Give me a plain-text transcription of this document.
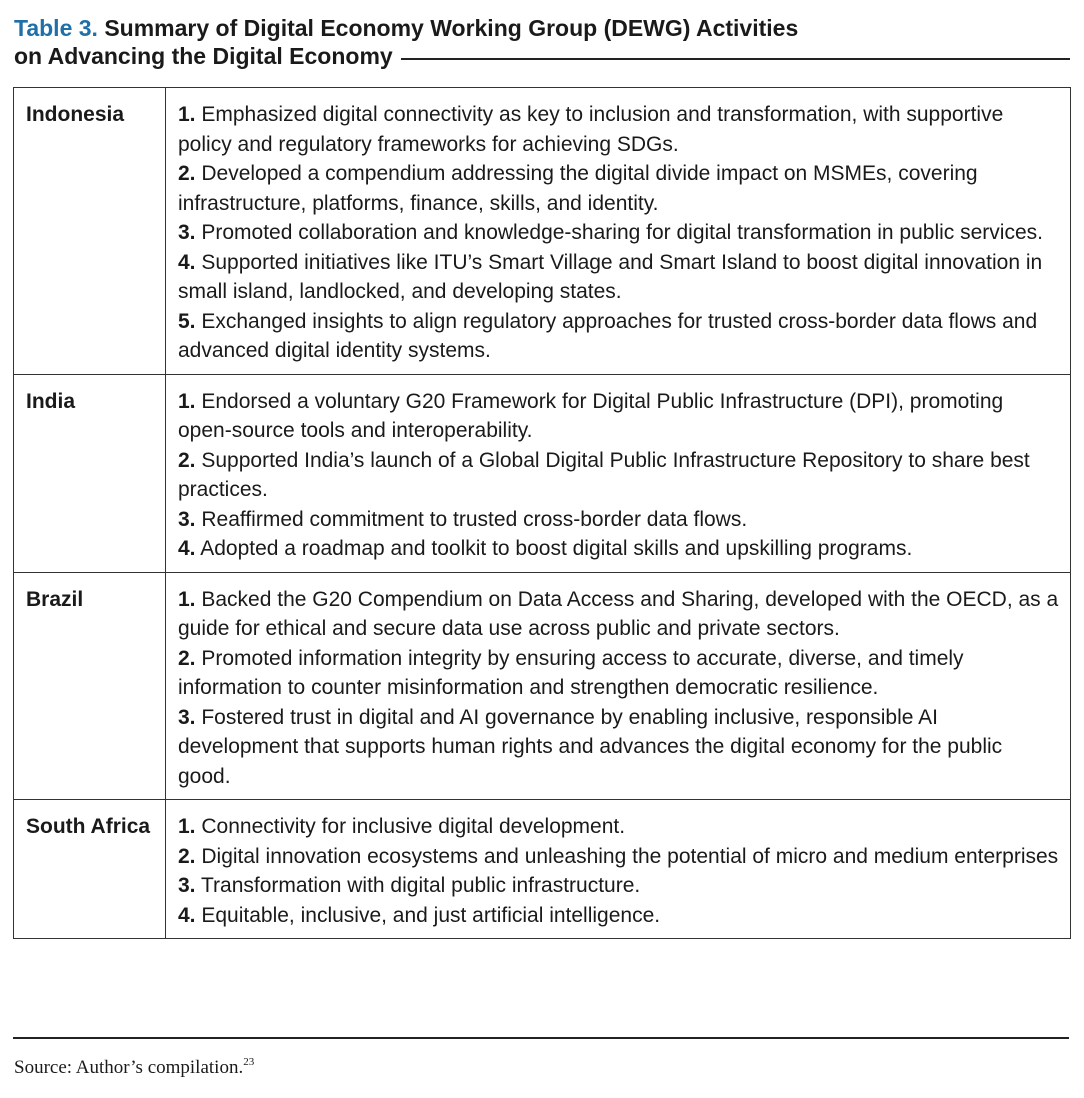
Table 3. Summary of Digital Economy Working Group (DEWG) Activities
on Advancing the Digital Economy
Indonesia	1. Emphasized digital connectivity as key to inclusion and transformation, with supportive policy and regulatory frameworks for achieving SDGs.
2. Developed a compendium addressing the digital divide impact on MSMEs, covering infrastructure, platforms, finance, skills, and identity.
3. Promoted collaboration and knowledge-sharing for digital transformation in public services.
4. Supported initiatives like ITU’s Smart Village and Smart Island to boost digital innovation in small island, landlocked, and developing states.
5. Exchanged insights to align regulatory approaches for trusted cross-border data flows and advanced digital identity systems.

India	1. Endorsed a voluntary G20 Framework for Digital Public Infrastructure (DPI), promoting open-source tools and interoperability.
2. Supported India’s launch of a Global Digital Public Infrastructure Repository to share best practices.
3. Reaffirmed commitment to trusted cross-border data flows.
4. Adopted a roadmap and toolkit to boost digital skills and upskilling programs.

Brazil	1. Backed the G20 Compendium on Data Access and Sharing, developed with the OECD, as a guide for ethical and secure data use across public and private sectors.
2. Promoted information integrity by ensuring access to accurate, diverse, and timely information to counter misinformation and strengthen democratic resilience.
3. Fostered trust in digital and AI governance by enabling inclusive, responsible AI development that supports human rights and advances the digital economy for the public good.

South Africa	1. Connectivity for inclusive digital development.
2. Digital innovation ecosystems and unleashing the potential of micro and medium enterprises
3. Transformation with digital public infrastructure.
4. Equitable, inclusive, and just artificial intelligence.
Source: Author’s compilation.$^{23}$
